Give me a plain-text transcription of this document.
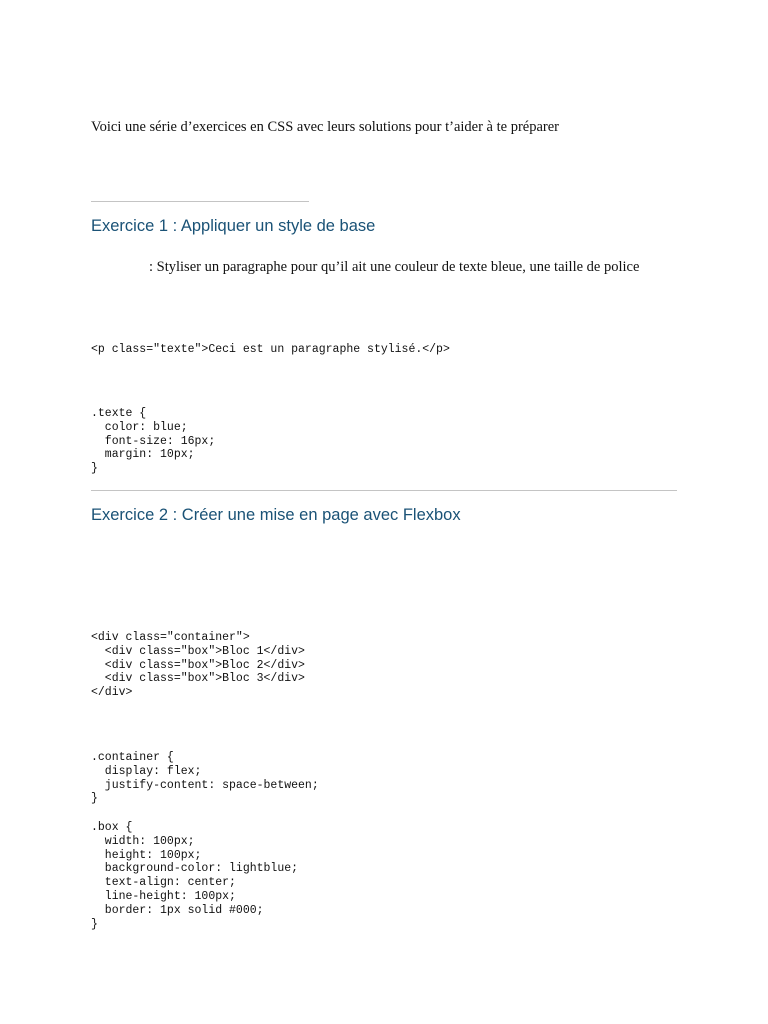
Voici une série d’exercices en CSS avec leurs solutions pour t’aider à te préparer

Exercice 1 : Appliquer un style de base

: Styliser un paragraphe pour qu’il ait une couleur de texte bleue, une taille de police

<p class="texte">Ceci est un paragraphe stylisé.</p>
.texte {
color: blue;
font-size: 16px;
margin: 10px;
}
Exercice 2 : Créer une mise en page avec Flexbox
<div class="container">
<div class="box">Bloc 1</div>
<div class="box">Bloc 2</div>
<div class="box">Bloc 3</div>
</div>
.container {
display: flex;
justify-content: space-between;
}
.box {
width: 100px;
height: 100px;
background-color: lightblue;
text-align: center;
line-height: 100px;
border: 1px solid #000;
}
